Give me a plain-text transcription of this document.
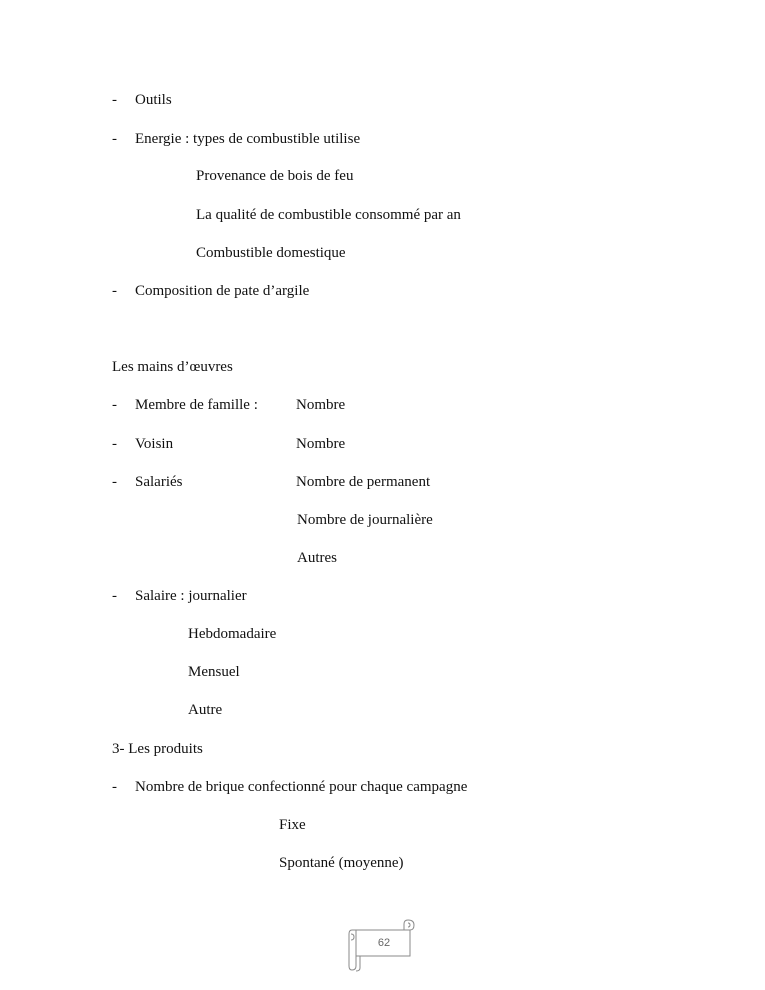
- Outils
- Energie : types de combustible utilise
Provenance de bois de feu
La qualité de combustible consommé par an
Combustible domestique
- Composition de pate d’argile
Les mains d’œuvres
- Membre de famille :	Nombre
- Voisin	Nombre
- Salariés	Nombre de permanent
Nombre de journalière
Autres
- Salaire : journalier
Hebdomadaire
Mensuel
Autre
3- Les produits
- Nombre de brique confectionné pour chaque campagne
Fixe
Spontané (moyenne)
62
